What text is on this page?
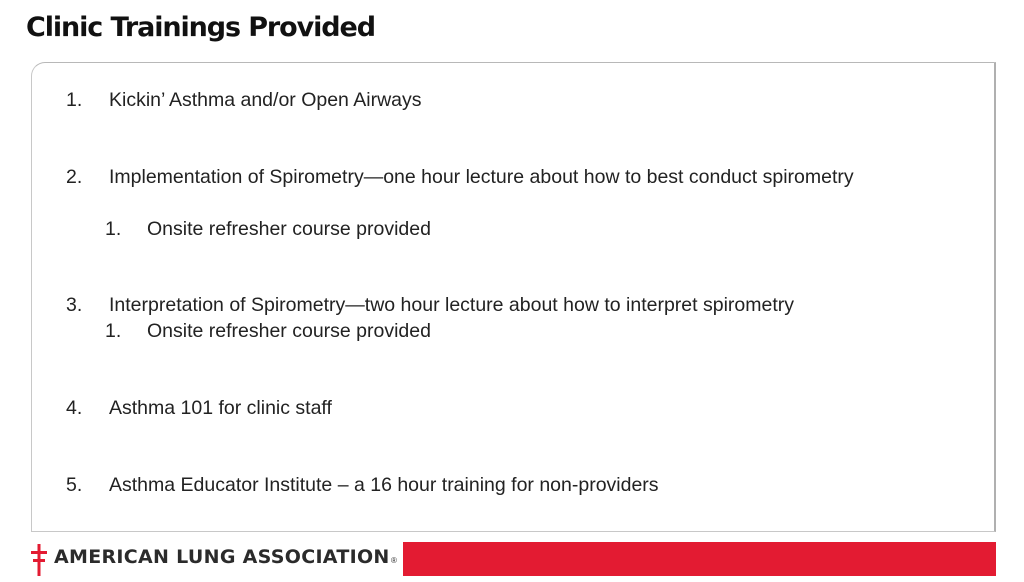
Clinic Trainings Provided
1. Kickin’ Asthma and/or Open Airways
2. Implementation of Spirometry—one hour lecture about how to best conduct spirometry
1. Onsite refresher course provided
3. Interpretation of Spirometry—two hour lecture about how to interpret spirometry
1. Onsite refresher course provided
4. Asthma 101 for clinic staff
5. Asthma Educator Institute – a 16 hour training for non-providers
AMERICAN LUNG ASSOCIATION ®
